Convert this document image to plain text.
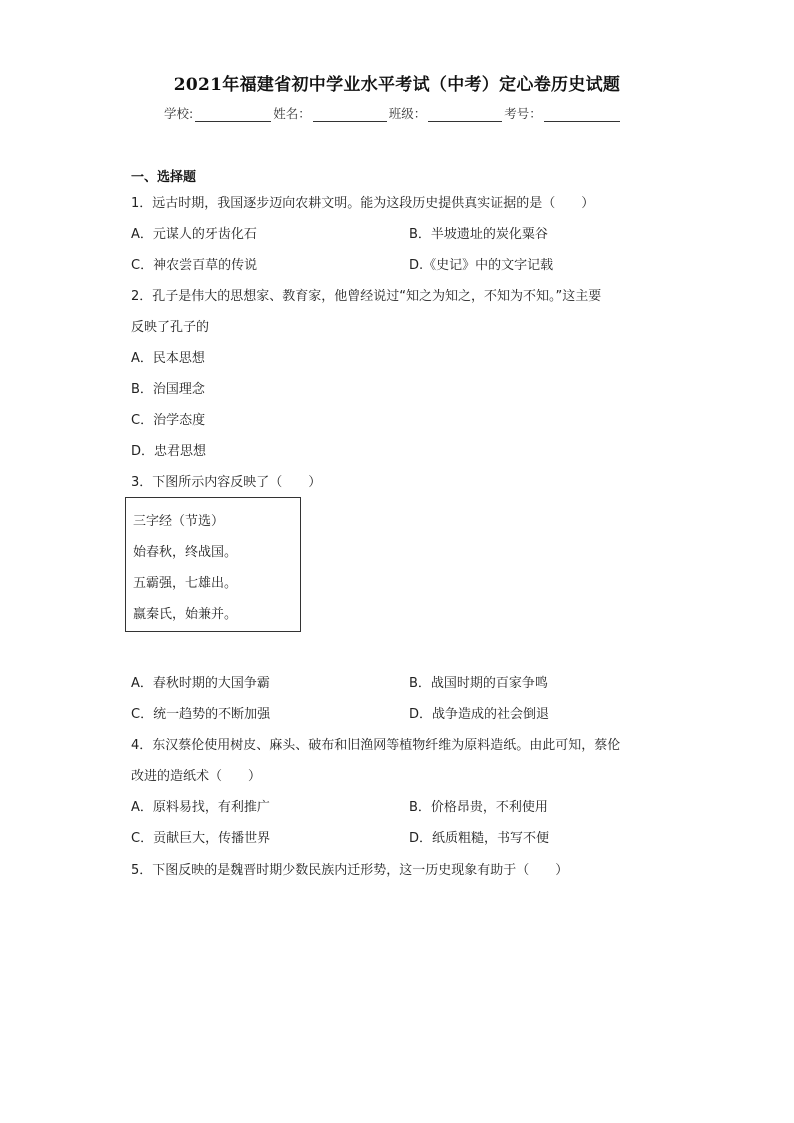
2021年福建省初中学业水平考试（中考）定心卷历史试题
学校:	姓名：	班级：	考号：
一、选择题
1．远古时期，我国逐步迈向农耕文明。能为这段历史提供真实证据的是（　　）
A．元谋人的牙齿化石	B．半坡遗址的炭化粟谷
C．神农尝百草的传说	D.《史记》中的文字记载
2．孔子是伟大的思想家、教育家，他曾经说过“知之为知之，不知为不知。”这主要
反映了孔子的
A．民本思想
B．治国理念
C．治学态度
D．忠君思想
3．下图所示内容反映了（　　）
三字经（节选）
始春秋，终战国。
五霸强，七雄出。
嬴秦氏，始兼并。
A．春秋时期的大国争霸	B．战国时期的百家争鸣
C．统一趋势的不断加强	D．战争造成的社会倒退
4．东汉蔡伦使用树皮、麻头、破布和旧渔网等植物纤维为原料造纸。由此可知，蔡伦
改进的造纸术（　　）
A．原料易找，有利推广	B．价格昂贵，不利使用
C．贡献巨大，传播世界	D．纸质粗糙，书写不便
5．下图反映的是魏晋时期少数民族内迁形势，这一历史现象有助于（　　）
